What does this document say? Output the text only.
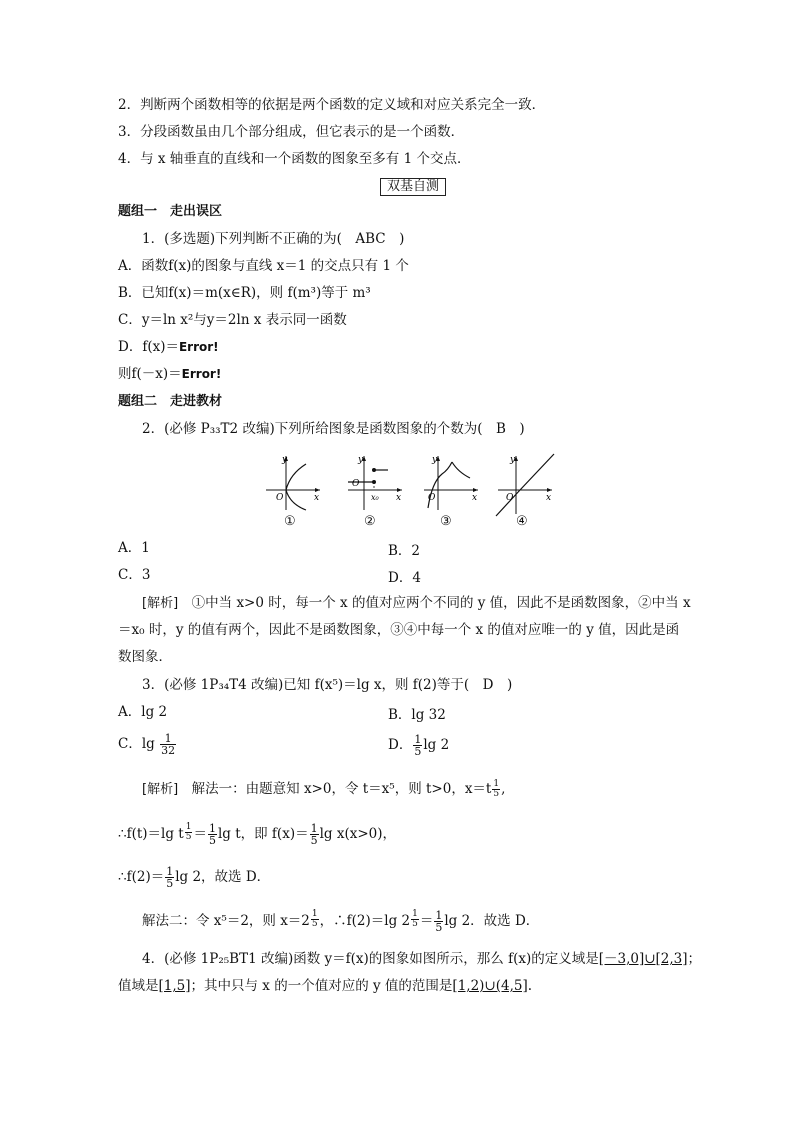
2．判断两个函数相等的依据是两个函数的定义域和对应关系完全一致．
3．分段函数虽由几个部分组成，但它表示的是一个函数．
4．与 x 轴垂直的直线和一个函数的图象至多有 1 个交点．
双基自测
题组一　走出误区
1．(多选题)下列判断不正确的为(　ABC　)
A．函数f(x)的图象与直线 x＝1 的交点只有 1 个
B．已知f(x)＝m(x∈R)，则 f(m³)等于 m³
C．y＝ln x²与y＝2ln x 表示同一函数
D．f(x)＝Error!
则f(－x)＝Error!
题组二　走进教材
2．(必修 P₃₃T2 改编)下列所给图象是函数图象的个数为(　B　)
y
x
O
y
x
O
x₀
y
x
O
y
x
O
①	②	③	④
A．1	B．2
C．3	D．4
[解析]　 ①中当 x>0 时，每一个 x 的值对应两个不同的 y 值，因此不是函数图象，②中当 x
＝x₀ 时，y 的值有两个，因此不是函数图象，③④中每一个 x 的值对应唯一的 y 值，因此是函
数图象．
3．(必修 1P₃₄T4 改编)已知 f(x⁵)＝lg x，则 f(2)等于(　D　)
A．lg 2	B．lg 32
C．$\lg \frac{1}{32}$	D． $\frac{1}{5}$ lg 2
[解析]　 解法一：由题意知 x>0，令 t＝x⁵，则 t>0，$x=t \frac{1}{5}$ ,
∴f(t)＝lg t $\frac{1}{5} = \frac{1}{5}$ lg t，即 $f(x)= \frac{1}{5}$ lg x(x>0)，
∴f(2)＝ $\frac{1}{5}$ lg 2，故选 D．
解法二：令 x⁵＝2，则 $x=2 \frac{1}{5}$ ，∴f(2)＝lg $2 \frac{1}{5} = \frac{1}{5}$ lg 2．故选 D．
4．(必修 1P₂₅BT1 改编)函数 y＝f(x)的图象如图所示，那么 f(x)的定义域是[－3,0]∪[2,3]；
值域是[1,5]；其中只与 x 的一个值对应的 y 值的范围是[1,2)∪(4,5].
